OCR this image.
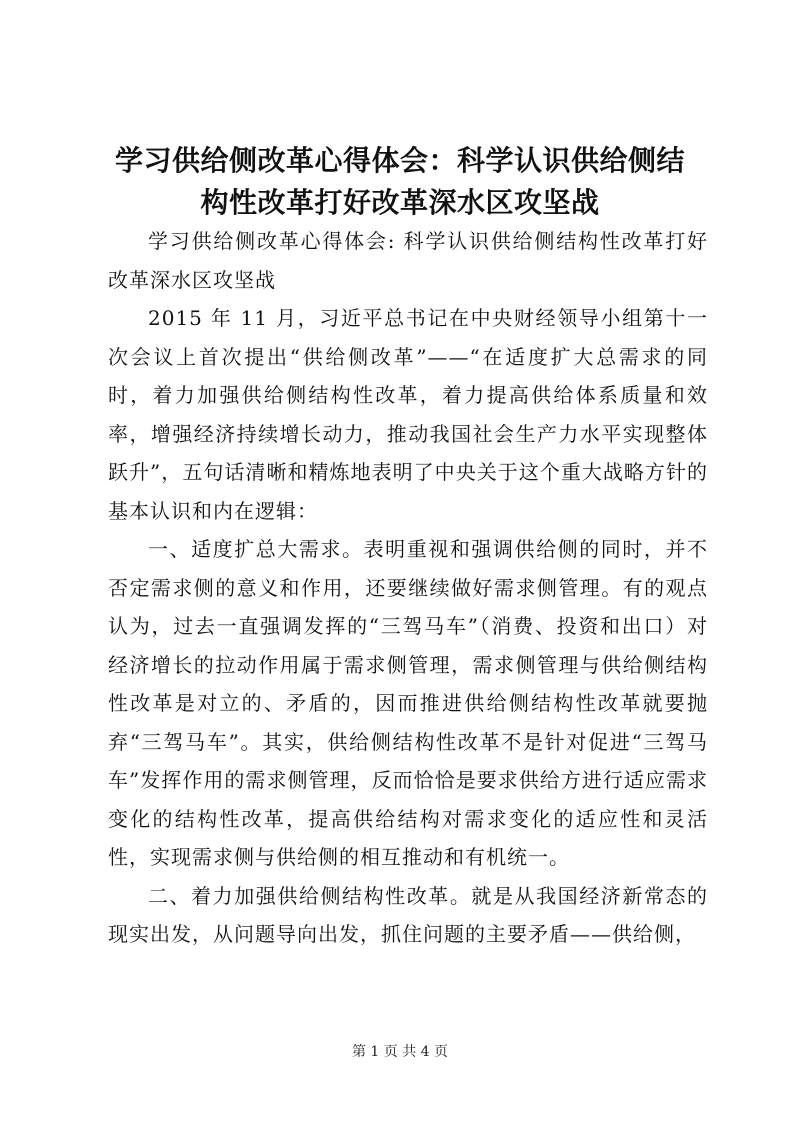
学习供给侧改革心得体会：科学认识供给侧结
构性改革打好改革深水区攻坚战

学习供给侧改革心得体会: 科学认识供给侧结构性改革打好改革深水区攻坚战

2015 年 11 月，习近平总书记在中央财经领导小组第十一次会议上首次提出“供给侧改革”——“在适度扩大总需求的同时，着力加强供给侧结构性改革，着力提高供给体系质量和效率，增强经济持续增长动力，推动我国社会生产力水平实现整体跃升”，五句话清晰和精炼地表明了中央关于这个重大战略方针的基本认识和内在逻辑：

一、适度扩总大需求。表明重视和强调供给侧的同时，并不否定需求侧的意义和作用，还要继续做好需求侧管理。有的观点认为，过去一直强调发挥的“三驾马车”（消费、投资和出口）对经济增长的拉动作用属于需求侧管理，需求侧管理与供给侧结构性改革是对立的、矛盾的，因而推进供给侧结构性改革就要抛弃“三驾马车”。其实，供给侧结构性改革不是针对促进“三驾马车”发挥作用的需求侧管理，反而恰恰是要求供给方进行适应需求变化的结构性改革，提高供给结构对需求变化的适应性和灵活性，实现需求侧与供给侧的相互推动和有机统一。

二、着力加强供给侧结构性改革。就是从我国经济新常态的现实出发，从问题导向出发，抓住问题的主要矛盾——供给侧，

第 1 页 共 4 页
